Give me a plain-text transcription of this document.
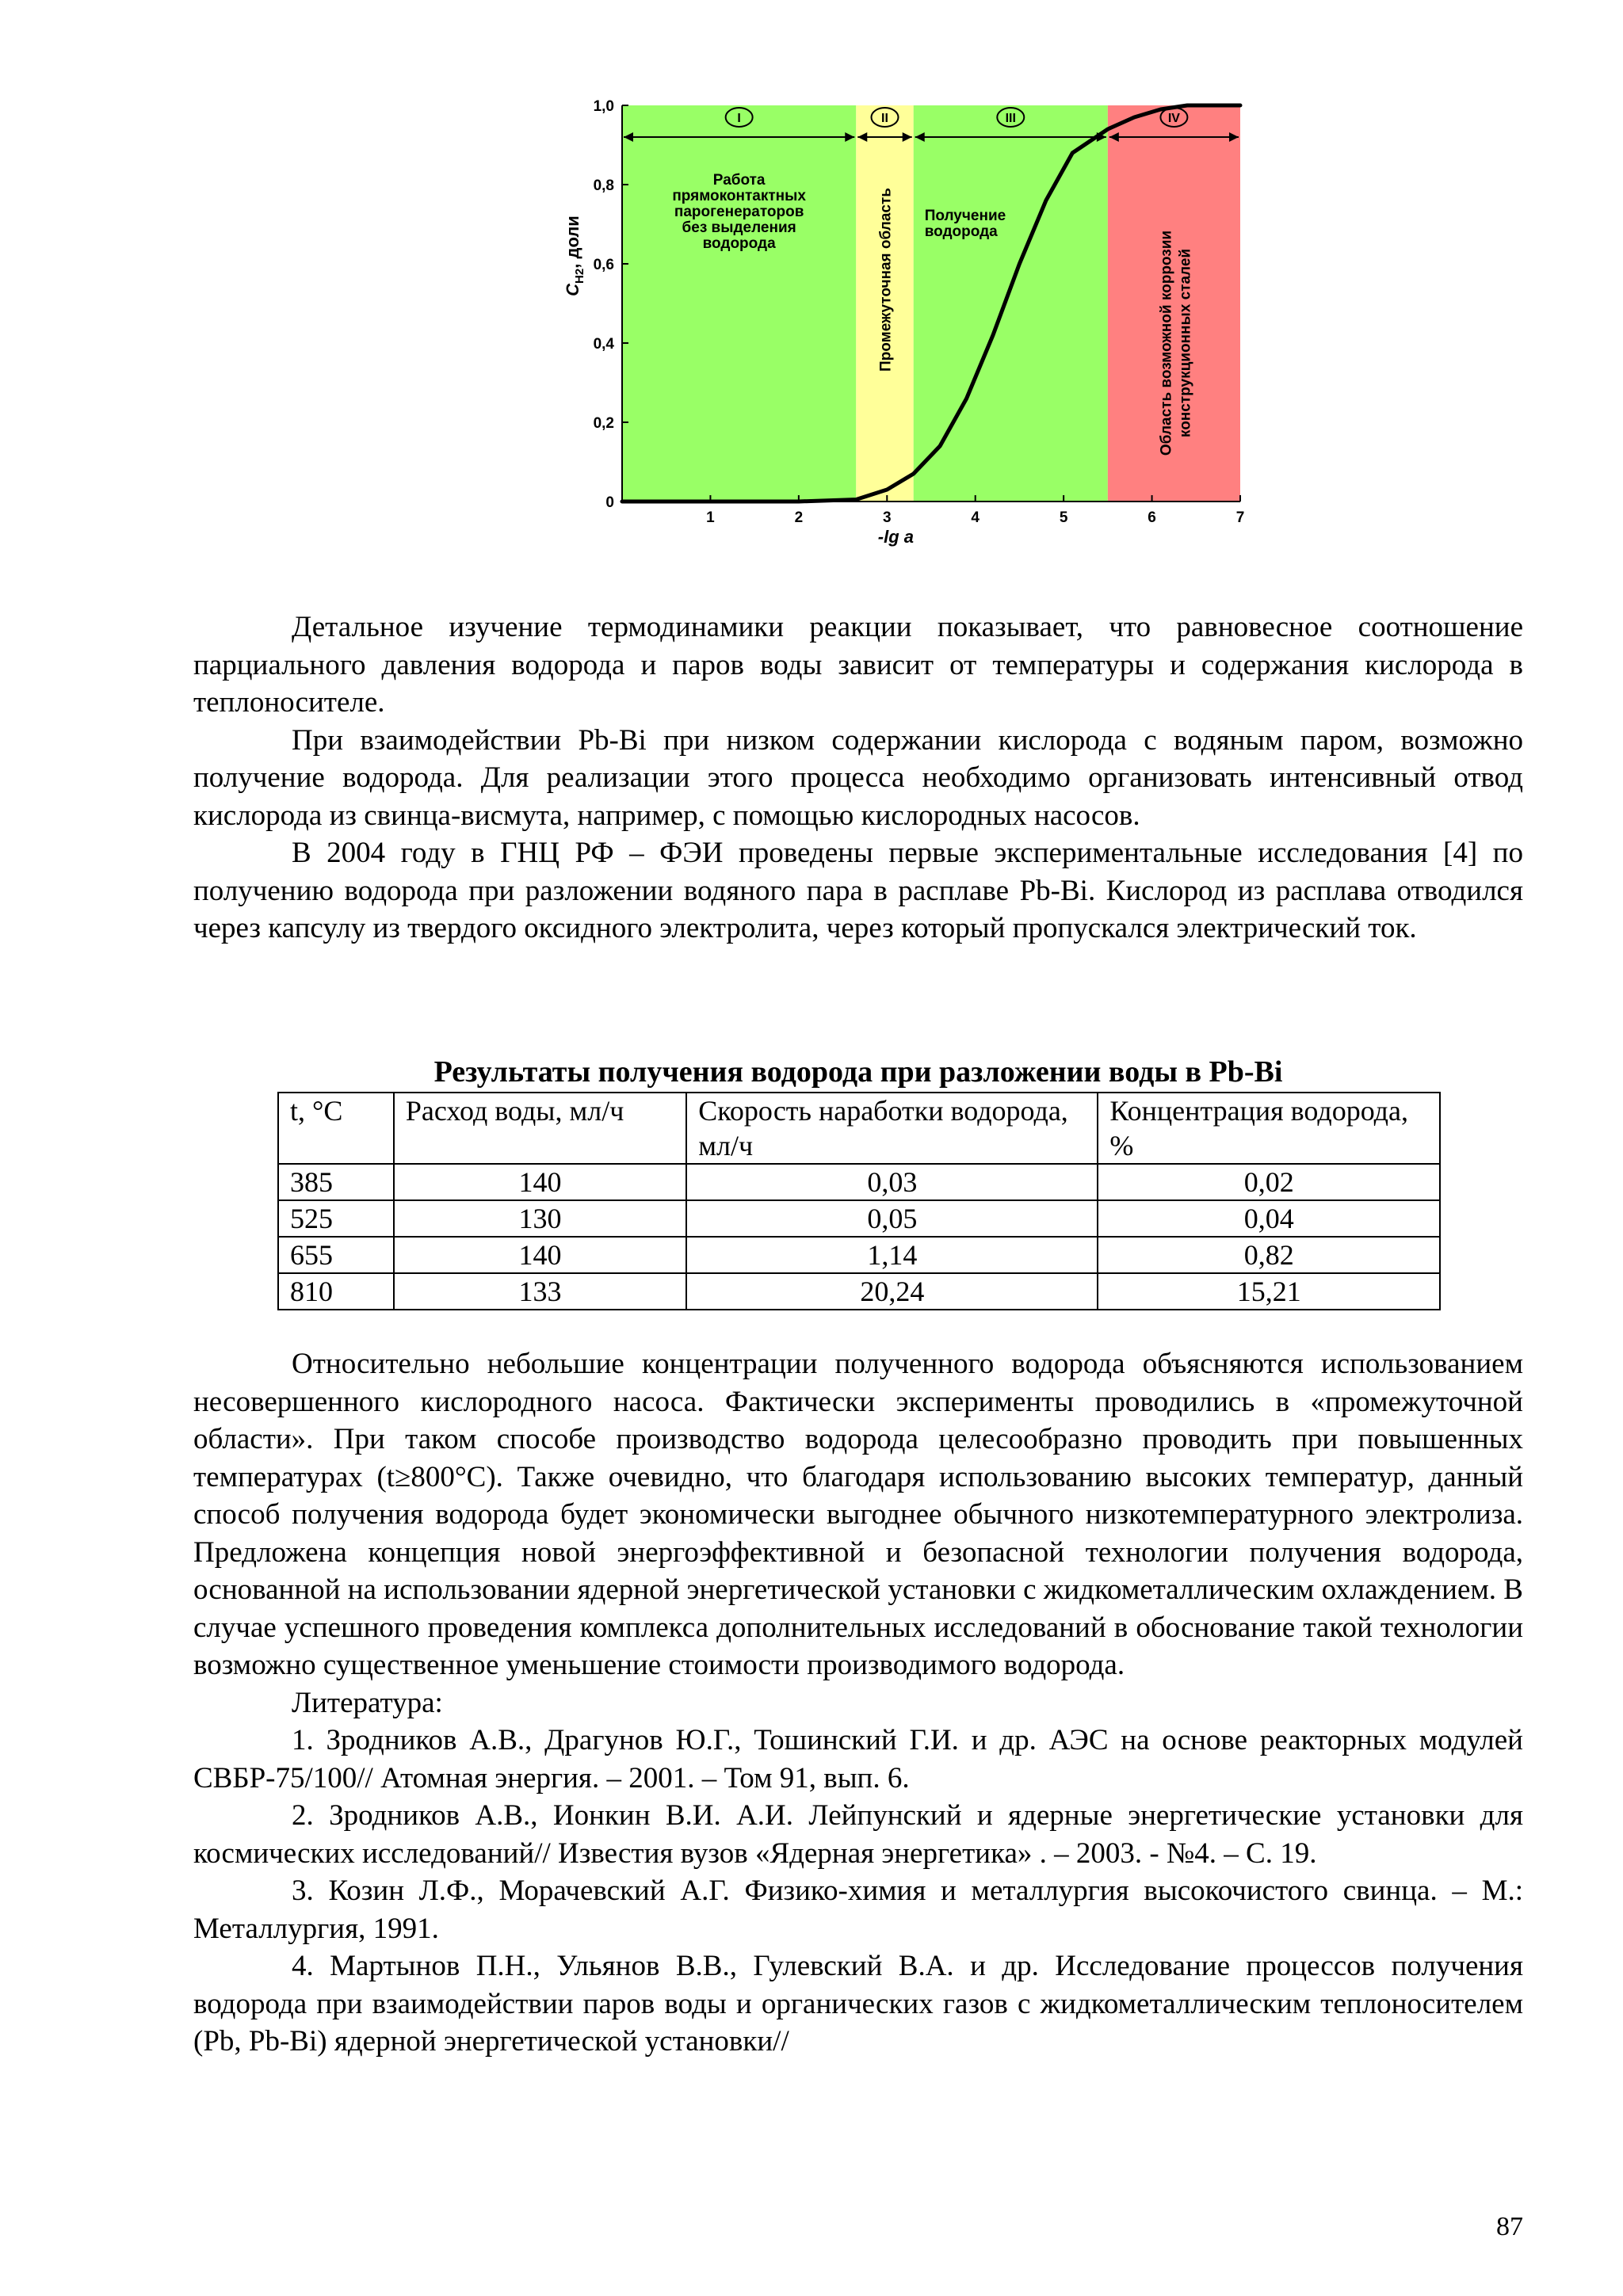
I	II	III	IV
Работа
прямоконтактных
парогенераторов
без выделения
водорода	Промежуточная область Получение
водорода	Область возможной коррозии конструкционных сталей
0
0,2
0,4
0,6
0,8
1,0
1	2	3	4	5	6	7
-lg a
$C_{H2}$, доли

Детальное изучение термодинамики реакции показывает, что равновесное соотношение парциального давления водорода и паров воды зависит от температуры и содержания кислорода в теплоносителе.

При взаимодействии Pb-Bi при низком содержании кислорода с водяным паром, возможно получение водорода. Для реализации этого процесса необходимо организовать интенсивный отвод кислорода из свинца-висмута, например, с помощью кислородных насосов.

В 2004 году в ГНЦ РФ – ФЭИ проведены первые экспериментальные исследования [4] по получению водорода при разложении водяного пара в расплаве Pb-Bi. Кислород из расплава отводился через капсулу из твердого оксидного электролита, через который пропускался электрический ток.

Результаты получения водорода при разложении воды в Pb-Bi
t, °С	Расход воды, мл/ч	Скорость наработки водорода, мл/ч	Концентрация водорода, %
385	140	0,03	0,02
525	130	0,05	0,04
655	140	1,14	0,82
810	133	20,24	15,21

Относительно небольшие концентрации полученного водорода объясняются использованием несовершенного кислородного насоса. Фактически эксперименты проводились в «промежуточной области». При таком способе производство водорода целесообразно проводить при повышенных температурах (t≥800°С). Также очевидно, что благодаря использованию высоких температур, данный способ получения водорода будет экономически выгоднее обычного низкотемпературного электролиза. Предложена концепция новой энергоэффективной и безопасной технологии получения водорода, основанной на использовании ядерной энергетической установки с жидкометаллическим охлаждением. В случае успешного проведения комплекса дополнительных исследований в обоснование такой технологии возможно существенное уменьшение стоимости производимого водорода.

Литература:

1. Зродников А.В., Драгунов Ю.Г., Тошинский Г.И. и др. АЭС на основе реакторных модулей СВБР-75/100// Атомная энергия. – 2001. – Том 91, вып. 6.

2. Зродников А.В., Ионкин В.И. А.И. Лейпунский и ядерные энергетические установки для космических исследований// Известия вузов «Ядерная энергетика» . – 2003. - №4. – С. 19.

3. Козин Л.Ф., Морачевский А.Г. Физико-химия и металлургия высокочистого свинца. – М.: Металлургия, 1991.

4. Мартынов П.Н., Ульянов В.В., Гулевский В.А. и др. Исследование процессов получения водорода при взаимодействии паров воды и органических газов с жидкометаллическим теплоносителем (Pb, Pb-Bi) ядерной энергетической установки//

87
